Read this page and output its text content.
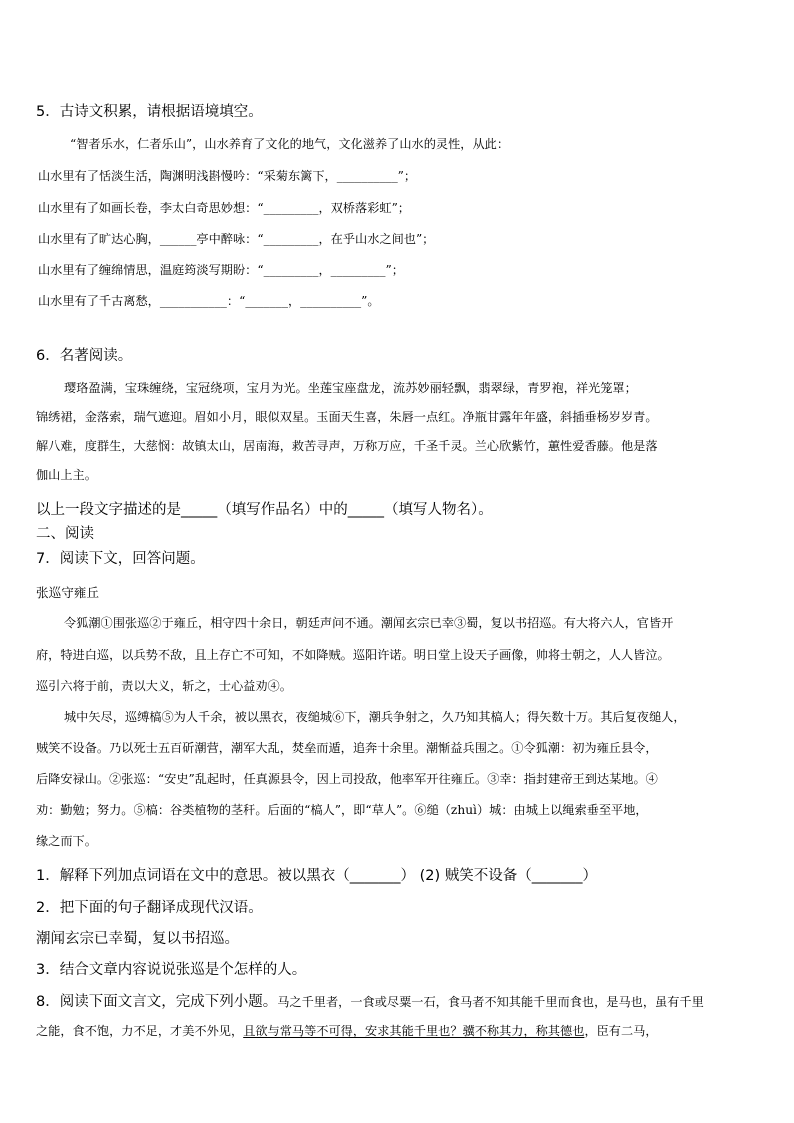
5．古诗文积累，请根据语境填空。
“智者乐水，仁者乐山”，山水养育了文化的地气，文化滋养了山水的灵性，从此：
山水里有了恬淡生活，陶渊明浅斟慢吟：“采菊东篱下，__________”；
山水里有了如画长卷，李太白奇思妙想：“_________，双桥落彩虹”；
山水里有了旷达心胸，______亭中醉咏：“_________，在乎山水之间也”；
山水里有了缠绵情思，温庭筠淡写期盼：“_________，_________”；
山水里有了千古离愁，___________：“_______，__________”。
6．名著阅读。
璎珞盈满，宝珠缠绕，宝冠绕项，宝月为光。坐莲宝座盘龙，流苏妙丽轻飘，翡翠绿，青罗袍，祥光笼罩；
锦绣裙，金落索，瑞气遮迎。眉如小月，眼似双星。玉面天生喜，朱唇一点红。净瓶甘露年年盛，斜插垂杨岁岁青。
解八难，度群生，大慈悯：故镇太山，居南海，救苦寻声，万称万应，千圣千灵。兰心欣紫竹，蕙性爱香藤。他是落
伽山上主。
以上一段文字描述的是_____（填写作品名）中的_____（填写人物名）。
二、阅读
7．阅读下文，回答问题。
张巡守雍丘
令狐潮①围张巡②于雍丘，相守四十余日，朝廷声问不通。潮闻玄宗已幸③蜀，复以书招巡。有大将六人，官皆开
府，特进白巡，以兵势不敌，且上存亡不可知，不如降贼。巡阳许诺。明日堂上设天子画像，帅将士朝之，人人皆泣。
巡引六将于前，责以大义，斩之，士心益劝④。
城中矢尽，巡缚槁⑤为人千余，被以黑衣，夜缒城⑥下，潮兵争射之，久乃知其槁人；得矢数十万。其后复夜缒人，
贼笑不设备。乃以死士五百斫潮营，潮军大乱，焚垒而遁，追奔十余里。潮惭益兵围之。①令狐潮：初为雍丘县令，
后降安禄山。②张巡：“安史”乱起时，任真源县令，因上司投敌，他率军开往雍丘。③幸：指封建帝王到达某地。④
劝：勤勉；努力。⑤槁：谷类植物的茎秆。后面的“槁人”，即“草人”。⑥缒（zhuì）城：由城上以绳索垂至平地，
缘之而下。
1．解释下列加点词语在文中的意思。被以黑衣（_______） (2) 贼笑不设备（_______）
2．把下面的句子翻译成现代汉语。
潮闻玄宗已幸蜀，复以书招巡。
3．结合文章内容说说张巡是个怎样的人。
8．阅读下面文言文，完成下列小题。马之千里者，一食或尽粟一石，食马者不知其能千里而食也，是马也，虽有千里
之能，食不饱，力不足，才美不外见，且欲与常马等不可得，安求其能千里也？骥不称其力，称其德也，臣有二马，
